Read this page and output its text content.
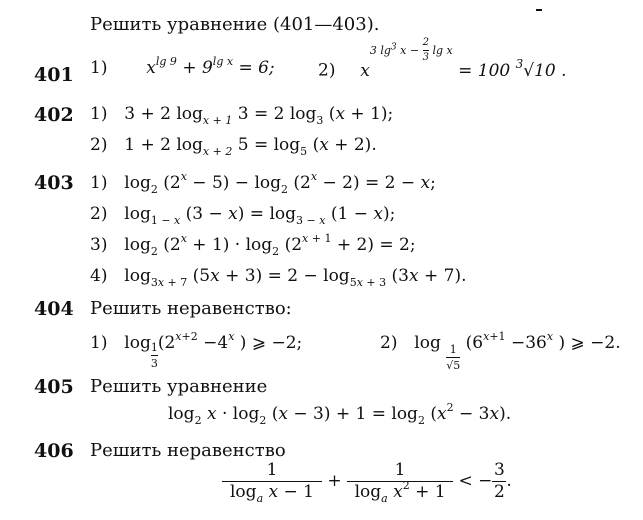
Решить уравнение (401—403).
401 1) $x^{lg 9} + 9^{lg x} = 6$;	2) $x^{3 lg^3 x - \frac{2}{3} lg x} = 100$ $^3$√10 .
402 1) 3 + 2 $\log_{x + 1} 3 = 2$ $\log_3 (x + 1)$;
2) 1 + 2 $\log_{x + 2} 5 = \log_5 (x + 2)$.
403 1) $\log_2 (2^x - 5) - \log_2 (2^x - 2) = 2 - x$;
2) $\log_{1 - x} (3 - x) = \log_{3 - x} (1 - x)$;
3) $\log_2 (2^x + 1) \cdot \log_2 (2^{x + 1} + 2) = 2$;
4) $\log_{3x + 7} (5x + 3) = 2 - \log_{5x + 3} (3x + 7)$.
404 Решить неравенство:
1) $\log \frac{1}{3} (2^{x+2} -4^x$ ) ⩾ −2;	2) log
$\frac{1}{√5}$
($6^{x+1} -36^x$ ) ⩾ −2.
405 Решить уравнение
$\log_2 x \cdot \log_2 (x - 3) + 1 = \log_2 (x^2 - 3x)$.
406 Решить неравенство
$\frac{1}{\log_a x - 1} + \frac{1}{\log_a x^2 + 1}$ < − $\frac{3}{2}$ .
